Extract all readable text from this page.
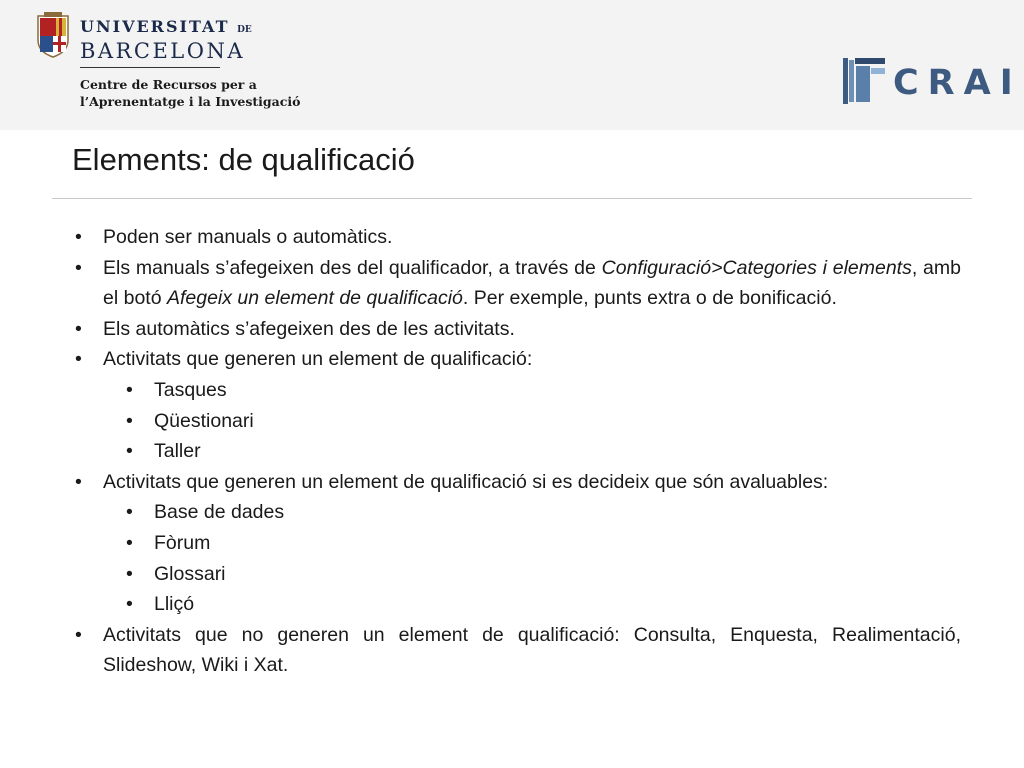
UNIVERSITAT DE
BARCELONA
Centre de Recursos per a
l’Aprenentatge i la Investigació	CRAI
Elements: de qualificació
• Poden ser manuals o automàtics.
• Els manuals s’afegeixen des del qualificador, a través de Configuració>Categories i elements, amb el botó Afegeix un element de qualificació. Per exemple, punts extra o de bonificació.
• Els automàtics s’afegeixen des de les activitats.
• Activitats que generen un element de qualificació:
• Tasques
• Qüestionari
• Taller
• Activitats que generen un element de qualificació si es decideix que són avaluables:
• Base de dades
• Fòrum
• Glossari
• Lliçó
• Activitats que no generen un element de qualificació: Consulta, Enquesta, Realimentació, Slideshow, Wiki i Xat.
